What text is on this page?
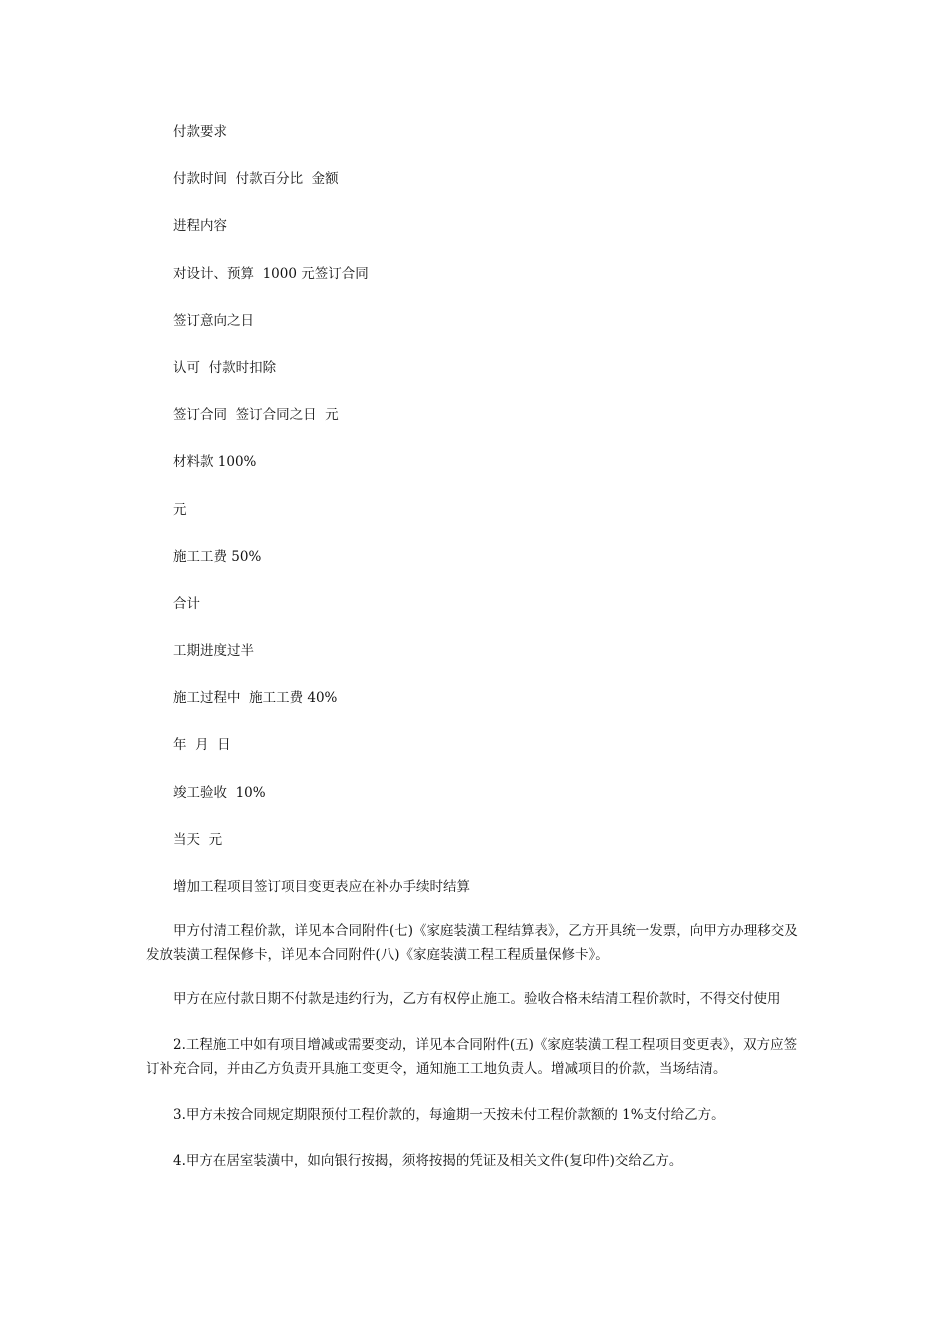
付款要求
付款时间  付款百分比  金额
进程内容
对设计、预算  1000 元签订合同
签订意向之日
认可  付款时扣除
签订合同  签订合同之日  元
材料款 100%
元
施工工费 50%
合计
工期进度过半
施工过程中  施工工费 40%
年  月  日
竣工验收  10%
当天  元
增加工程项目签订项目变更表应在补办手续时结算

甲方付清工程价款，详见本合同附件(七)《家庭装潢工程结算表》，乙方开具统一发票，向甲方办理移交及发放装潢工程保修卡，详见本合同附件(八)《家庭装潢工程工程质量保修卡》。

甲方在应付款日期不付款是违约行为，乙方有权停止施工。验收合格未结清工程价款时，不得交付使用

2.工程施工中如有项目增减或需要变动，详见本合同附件(五)《家庭装潢工程工程项目变更表》，双方应签订补充合同，并由乙方负责开具施工变更令，通知施工工地负责人。增减项目的价款，当场结清。

3.甲方未按合同规定期限预付工程价款的，每逾期一天按未付工程价款额的 1%支付给乙方。

4.甲方在居室装潢中，如向银行按揭，须将按揭的凭证及相关文件(复印件)交给乙方。
